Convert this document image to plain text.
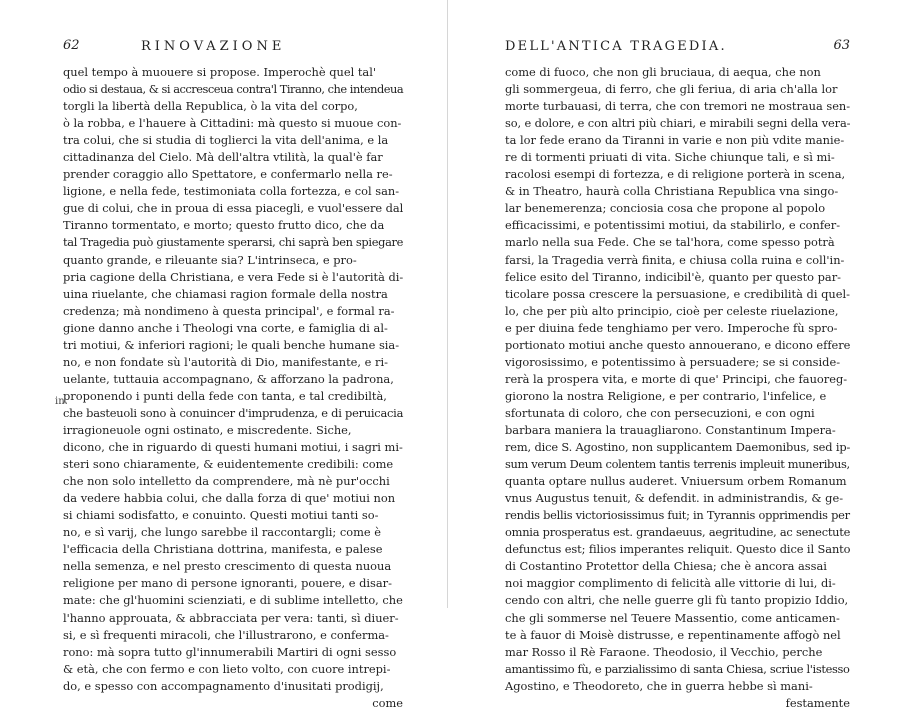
62	RINOVAZIONE
in.
quel tempo à muouere si propose. Imperochè quel tal'
odio si destaua, & si accresceua contra'l Tiranno, che intendeua
torgli la libertà della Republica, ò la vita del corpo,
ò la robba, e l'hauere à Cittadini: mà questo si muoue con-
tra colui, che si studia di toglierci la vita dell'anima, e la
cittadinanza del Cielo. Mà dell'altra vtilità, la qual'è far
prender coraggio allo Spettatore, e confermarlo nella re-
ligione, e nella fede, testimoniata colla fortezza, e col san-
gue di colui, che in proua di essa piacegli, e vuol'essere dal
Tiranno tormentato, e morto; questo frutto dico, che da
tal Tragedia può giustamente sperarsi, chi saprà ben spiegare
quanto grande, e rileuante sia? L'intrinseca, e pro-
pria cagione della Christiana, e vera Fede si è l'autorità di-
uina riuelante, che chiamasi ragion formale della nostra
credenza; mà nondimeno à questa principal', e formal ra-
gione danno anche i Theologi vna corte, e famiglia di al-
tri motiui, & inferiori ragioni; le quali benche humane sia-
no, e non fondate sù l'autorità di Dio, manifestante, e ri-
uelante, tuttauia accompagnano, & afforzano la padrona,
proponendo i punti della fede con tanta, e tal credibiltà,
che basteuoli sono à conuincer d'imprudenza, e di peruicacia
irragioneuole ogni ostinato, e miscredente. Siche,
dicono, che in riguardo di questi humani motiui, i sagri mi-
steri sono chiaramente, & euidentemente credibili: come
che non solo intelletto da comprendere, mà nè pur'occhi
da vedere habbia colui, che dalla forza di que' motiui non
si chiami sodisfatto, e conuinto. Questi motiui tanti so-
no, e sì varij, che lungo sarebbe il raccontargli; come è
l'efficacia della Christiana dottrina, manifesta, e palese
nella semenza, e nel presto crescimento di questa nuoua
religione per mano di persone ignoranti, pouere, e disar-
mate: che gl'huomini scienziati, e di sublime intelletto, che
l'hanno approuata, & abbracciata per vera: tanti, sì diuer-
si, e sì frequenti miracoli, che l'illustrarono, e conferma-
rono: mà sopra tutto gl'innumerabili Martiri di ogni sesso
& età, che con fermo e con lieto volto, con cuore intrepi-
do, e spesso con accompagnamento d'inusitati prodigij,
come
DELL'ANTICA TRAGEDIA.	63
come di fuoco, che non gli bruciaua, di aequa, che non
gli sommergeua, di ferro, che gli feriua, di aria ch'alla lor
morte turbauasi, di terra, che con tremori ne mostraua sen-
so, e dolore, e con altri più chiari, e mirabili segni della vera-
ta lor fede erano da Tiranni in varie e non più vdite manie-
re di tormenti priuati di vita. Siche chiunque tali, e sì mi-
racolosi esempi di fortezza, e di religione porterà in scena,
& in Theatro, haurà colla Christiana Republica vna singo-
lar benemerenza; conciosia cosa che propone al popolo
efficacissimi, e potentissimi motiui, da stabilirlo, e confer-
marlo nella sua Fede. Che se tal'hora, come spesso potrà
farsi, la Tragedia verrà finita, e chiusa colla ruina e coll'in-
felice esito del Tiranno, indicibil'è, quanto per questo par-
ticolare possa crescere la persuasione, e credibilità di quel-
lo, che per più alto principio, cioè per celeste riuelazione,
e per diuina fede tenghiamo per vero. Imperoche fù spro-
portionato motiui anche questo annouerano, e dicono effere
vigorosissimo, e potentissimo à persuadere; se si conside-
rerà la prospera vita, e morte di que' Principi, che fauoreg-
giorono la nostra Religione, e per contrario, l'infelice, e
sfortunata di coloro, che con persecuzioni, e con ogni
barbara maniera la trauagliarono. Constantinum Impera-
rem, dice S. Agostino, non supplicantem Daemonibus, sed ip-
sum verum Deum colentem tantis terrenis impleuit muneribus,
quanta optare nullus auderet. Vniuersum orbem Romanum
vnus Augustus tenuit, & defendit. in administrandis, & ge-
rendis bellis victoriosissimus fuit; in Tyrannis opprimendis per
omnia prosperatus est. grandaeuus, aegritudine, ac senectute
defunctus est; filios imperantes reliquit. Questo dice il Santo
di Costantino Protettor della Chiesa; che è ancora assai
noi maggior complimento di felicità alle vittorie di lui, di-
cendo con altri, che nelle guerre gli fù tanto propizio Iddio,
che gli sommerse nel Teuere Massentio, come anticamen-
te à fauor di Moisè distrusse, e repentinamente affogò nel
mar Rosso il Rè Faraone. Theodosio, il Vecchio, perche
amantissimo fù, e parzialissimo di santa Chiesa, scriue l'istesso
Agostino, e Theodoreto, che in guerra hebbe sì mani-
festamente
